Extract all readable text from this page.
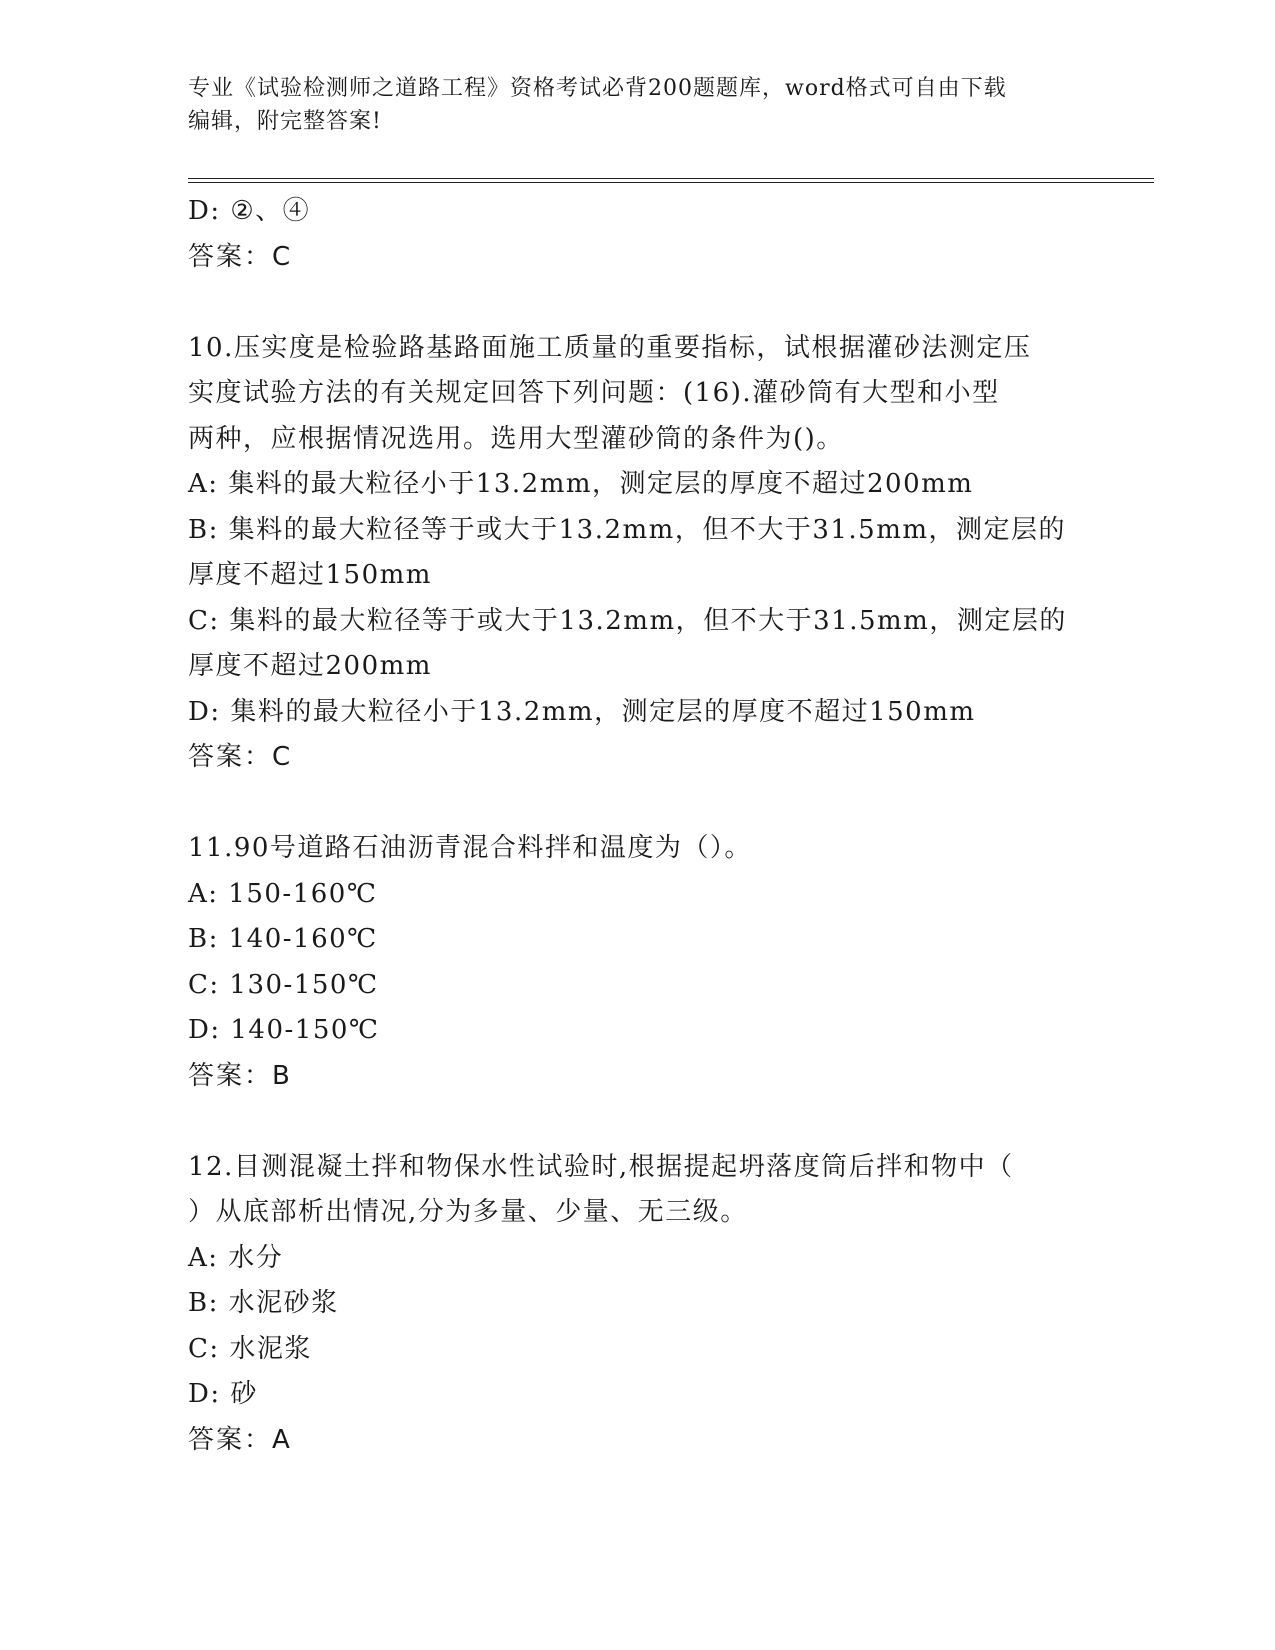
专业《试验检测师之道路工程》资格考试必背200题题库，word格式可自由下载
编辑，附完整答案!
D: ②、④
答案：C
10.压实度是检验路基路面施工质量的重要指标，试根据灌砂法测定压
实度试验方法的有关规定回答下列问题：(16).灌砂筒有大型和小型
两种，应根据情况选用。选用大型灌砂筒的条件为()。
A: 集料的最大粒径小于13.2mm，测定层的厚度不超过200mm
B: 集料的最大粒径等于或大于13.2mm，但不大于31.5mm，测定层的
厚度不超过150mm
C: 集料的最大粒径等于或大于13.2mm，但不大于31.5mm，测定层的
厚度不超过200mm
D: 集料的最大粒径小于13.2mm，测定层的厚度不超过150mm
答案：C
11.90号道路石油沥青混合料拌和温度为（）。
A: 150-160℃
B: 140-160℃
C: 130-150℃
D: 140-150℃
答案：B
12.目测混凝土拌和物保水性试验时,根据提起坍落度筒后拌和物中（
）从底部析出情况,分为多量、少量、无三级。
A: 水分
B: 水泥砂浆
C: 水泥浆
D: 砂
答案：A
